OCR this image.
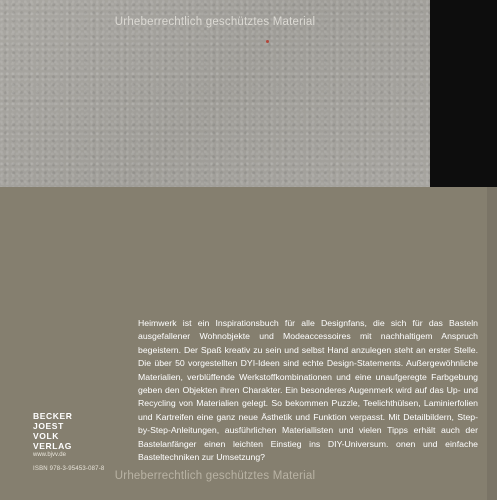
Urheberrechtlich geschütztes Material
BECKER
JOEST
VOLK
VERLAG
www.bjvv.de
ISBN 978-3-95453-087-8

Heimwerk ist ein Inspirationsbuch für alle Designfans, die sich für das Basteln ausgefallener Wohnobjekte und Modeaccessoires mit nachhaltigem Anspruch begeistern. Der Spaß kreativ zu sein und selbst Hand anzulegen steht an erster Stelle. Die über 50 vorgestellten DYI-Ideen sind echte Design-Statements. Außergewöhnliche Materialien, verblüffende Werkstoffkombinationen und eine unaufgeregte Farbgebung geben den Objekten ihren Charakter. Ein besonderes Augenmerk wird auf das Up- und Recycling von Materialien gelegt. So bekommen Puzzle, Teelichthülsen, Laminierfolien und Kartreifen eine ganz neue Ästhetik und Funktion verpasst. Mit Detailbildern, Step-by-Step-Anleitungen, ausführlichen Materiallisten und vielen Tipps erhält auch der Bastelanfänger einen leichten Einstieg ins DIY-Universum. onen und einfache Basteltechniken zur Umsetzung?

Urheberrechtlich geschütztes Material
